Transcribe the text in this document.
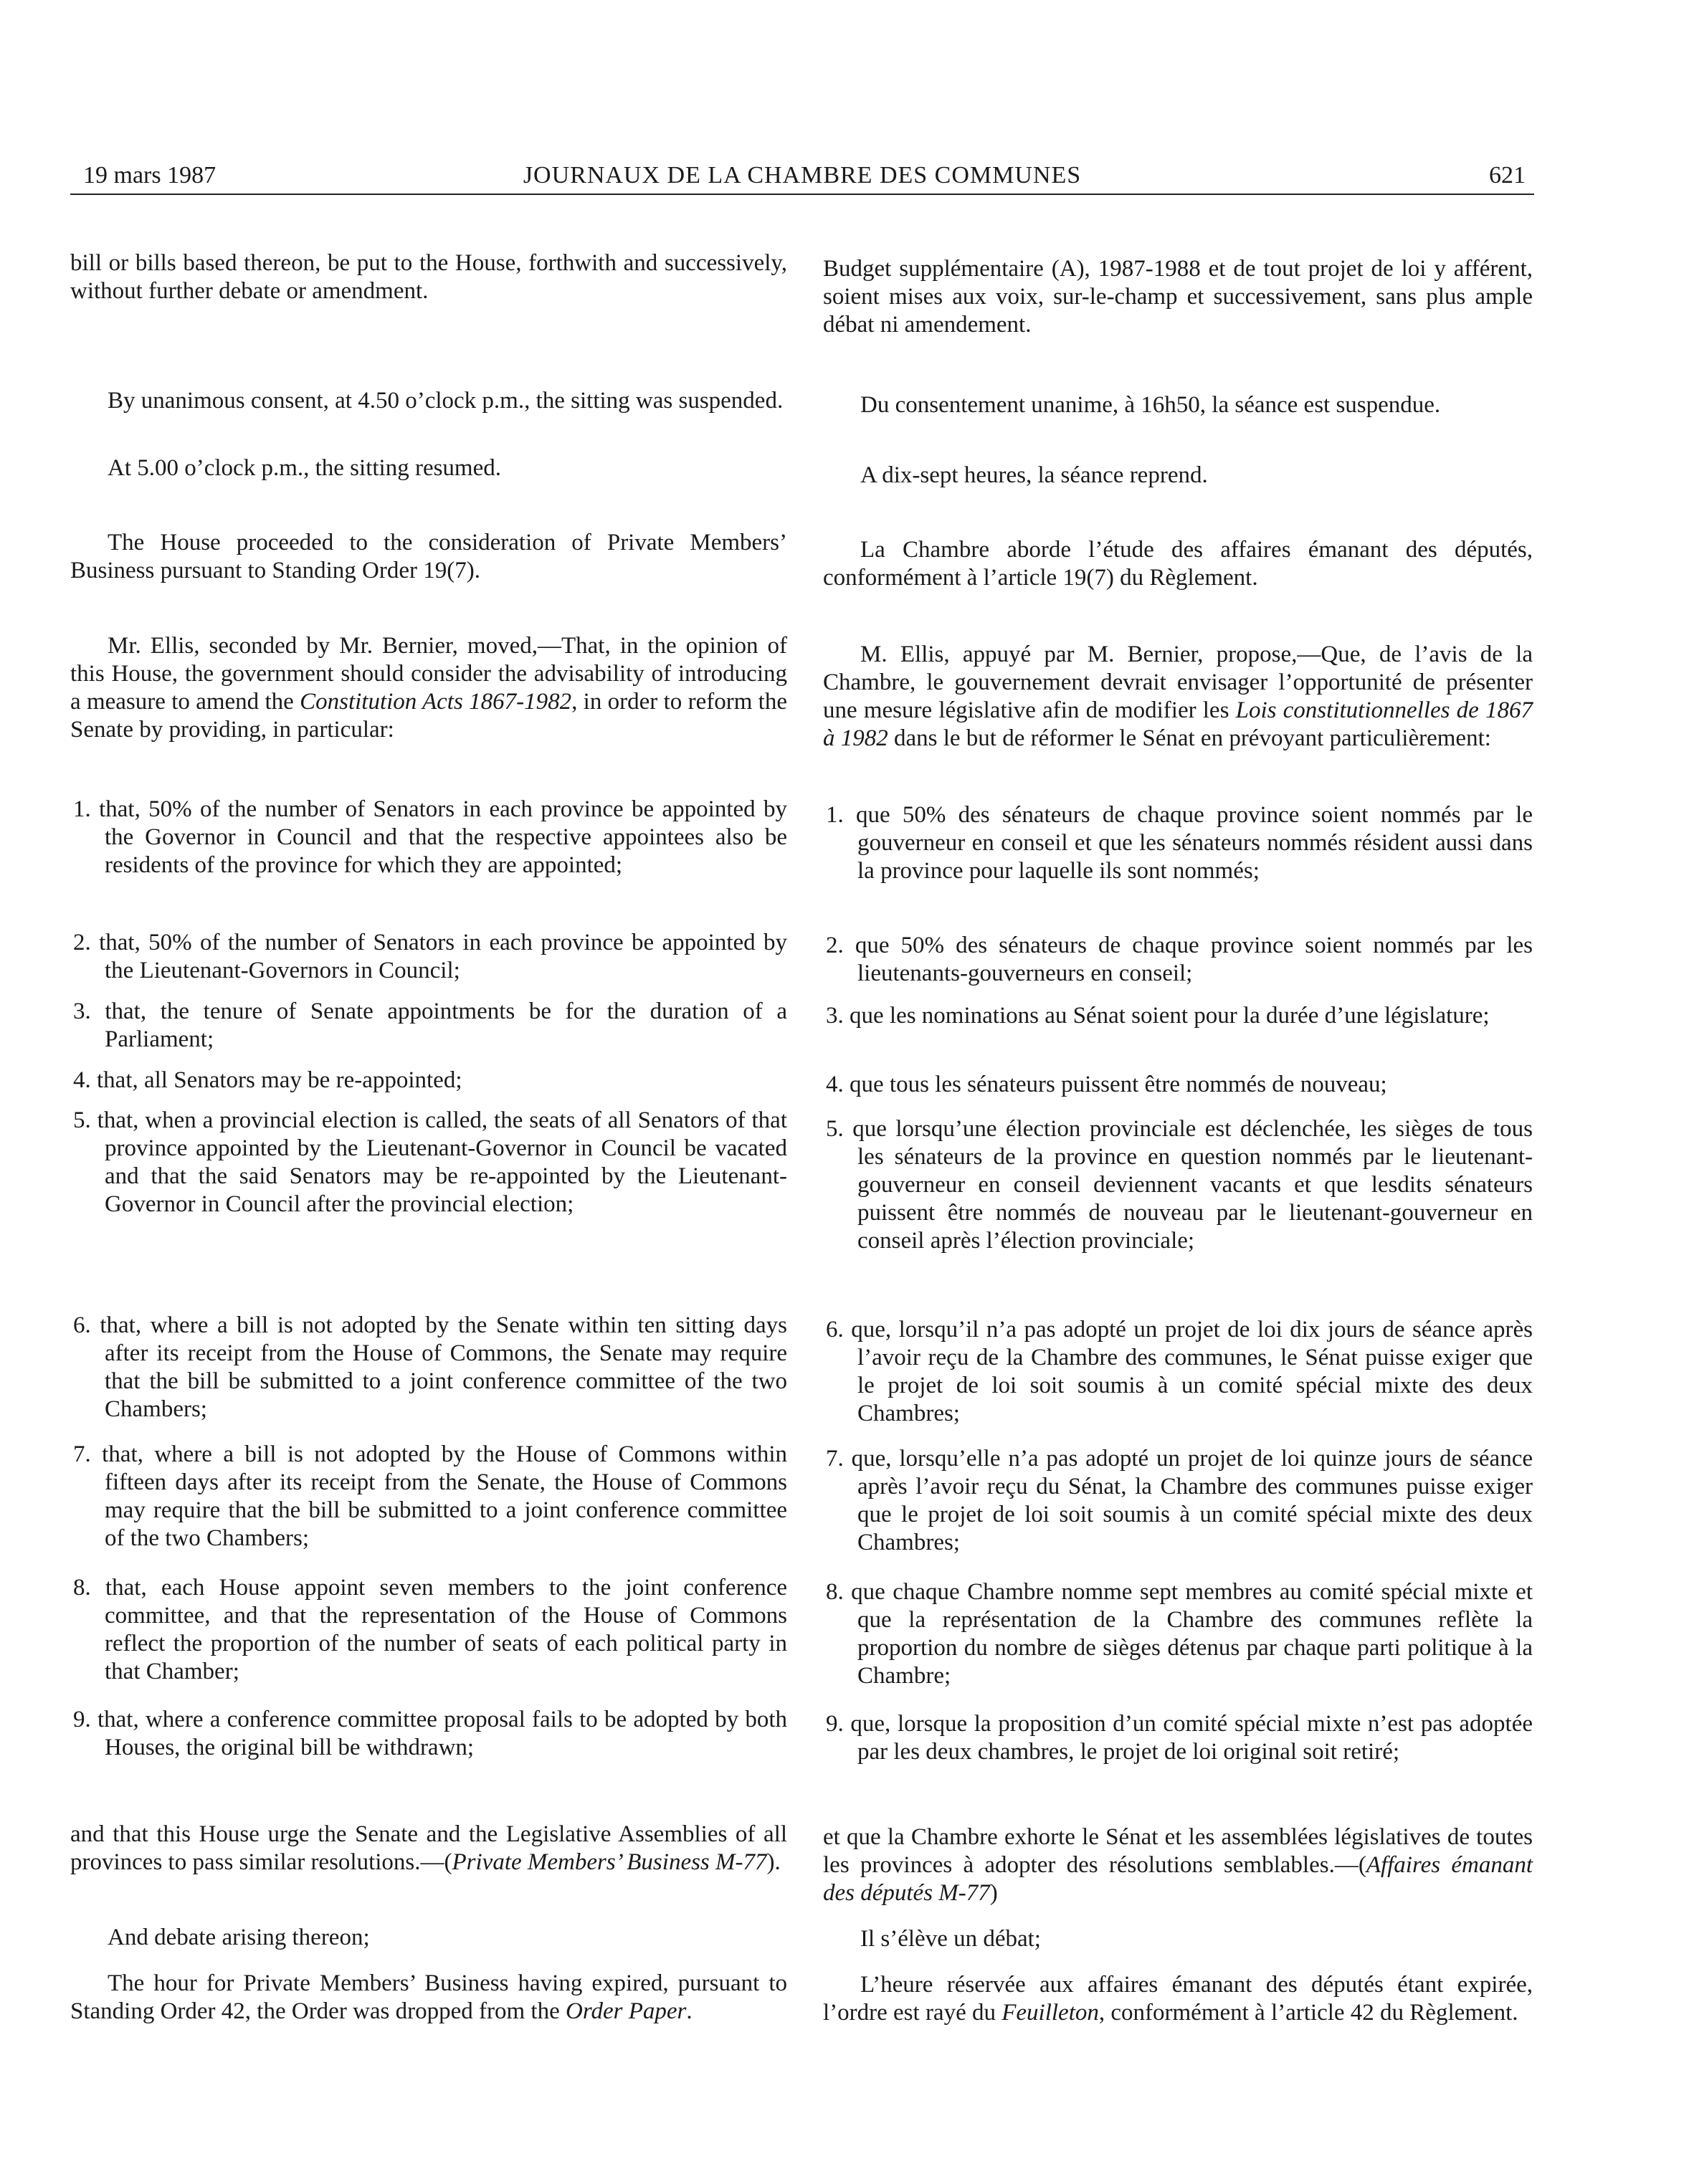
19 mars 1987	JOURNAUX DE LA CHAMBRE DES COMMUNES	621

bill or bills based thereon, be put to the House, forthwith and successively, without further debate or amendment.

By unanimous consent, at 4.50 o’clock p.m., the sitting was suspended.

At 5.00 o’clock p.m., the sitting resumed.

The House proceeded to the consideration of Private Members’ Business pursuant to Standing Order 19(7).

Mr. Ellis, seconded by Mr. Bernier, moved,—That, in the opinion of this House, the government should consider the advisability of introducing a measure to amend the Constitution Acts 1867-1982, in order to reform the Senate by providing, in particular:

1. that, 50% of the number of Senators in each province be appointed by the Governor in Council and that the respective appointees also be residents of the province for which they are appointed;

2. that, 50% of the number of Senators in each province be appointed by the Lieutenant-Governors in Council;

3. that, the tenure of Senate appointments be for the duration of a Parliament;

4. that, all Senators may be re-appointed;

5. that, when a provincial election is called, the seats of all Senators of that province appointed by the Lieutenant-Governor in Council be vacated and that the said Senators may be re-appointed by the Lieutenant-Governor in Council after the provincial election;

6. that, where a bill is not adopted by the Senate within ten sitting days after its receipt from the House of Commons, the Senate may require that the bill be submitted to a joint conference committee of the two Chambers;

7. that, where a bill is not adopted by the House of Commons within fifteen days after its receipt from the Senate, the House of Commons may require that the bill be submitted to a joint conference committee of the two Chambers;

8. that, each House appoint seven members to the joint conference committee, and that the representation of the House of Commons reflect the proportion of the number of seats of each political party in that Chamber;

9. that, where a conference committee proposal fails to be adopted by both Houses, the original bill be withdrawn;

and that this House urge the Senate and the Legislative Assemblies of all provinces to pass similar resolutions.—(Private Members’ Business M-77).

And debate arising thereon;

The hour for Private Members’ Business having expired, pursuant to Standing Order 42, the Order was dropped from the Order Paper.

Budget supplémentaire (A), 1987-1988 et de tout projet de loi y afférent, soient mises aux voix, sur-le-champ et successivement, sans plus ample débat ni amendement.

Du consentement unanime, à 16h50, la séance est suspendue.

A dix-sept heures, la séance reprend.

La Chambre aborde l’étude des affaires émanant des députés, conformément à l’article 19(7) du Règlement.

M. Ellis, appuyé par M. Bernier, propose,—Que, de l’avis de la Chambre, le gouvernement devrait envisager l’opportunité de présenter une mesure législative afin de modifier les Lois constitutionnelles de 1867 à 1982 dans le but de réformer le Sénat en prévoyant particulièrement:

1. que 50% des sénateurs de chaque province soient nommés par le gouverneur en conseil et que les sénateurs nommés résident aussi dans la province pour laquelle ils sont nommés;

2. que 50% des sénateurs de chaque province soient nommés par les lieutenants-gouverneurs en conseil;

3. que les nominations au Sénat soient pour la durée d’une législature;

4. que tous les sénateurs puissent être nommés de nouveau;

5. que lorsqu’une élection provinciale est déclenchée, les sièges de tous les sénateurs de la province en question nommés par le lieutenant-gouverneur en conseil deviennent vacants et que lesdits sénateurs puissent être nommés de nouveau par le lieutenant-gouverneur en conseil après l’élection provinciale;

6. que, lorsqu’il n’a pas adopté un projet de loi dix jours de séance après l’avoir reçu de la Chambre des communes, le Sénat puisse exiger que le projet de loi soit soumis à un comité spécial mixte des deux Chambres;

7. que, lorsqu’elle n’a pas adopté un projet de loi quinze jours de séance après l’avoir reçu du Sénat, la Chambre des communes puisse exiger que le projet de loi soit soumis à un comité spécial mixte des deux Chambres;

8. que chaque Chambre nomme sept membres au comité spécial mixte et que la représentation de la Chambre des communes reflète la proportion du nombre de sièges détenus par chaque parti politique à la Chambre;

9. que, lorsque la proposition d’un comité spécial mixte n’est pas adoptée par les deux chambres, le projet de loi original soit retiré;

et que la Chambre exhorte le Sénat et les assemblées législatives de toutes les provinces à adopter des résolutions semblables.—(Affaires émanant des députés M-77)

Il s’élève un débat;

L’heure réservée aux affaires émanant des députés étant expirée, l’ordre est rayé du Feuilleton, conformément à l’article 42 du Règlement.
